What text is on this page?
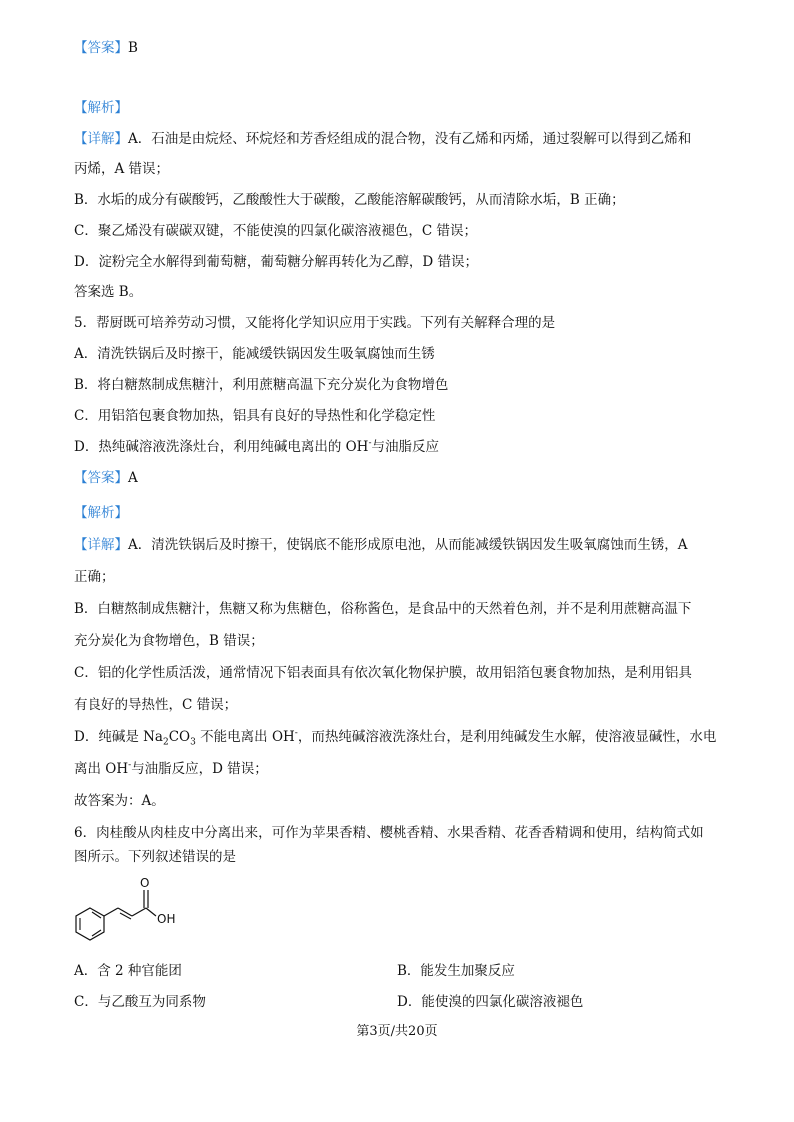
【答案】B
【解析】
【详解】A．石油是由烷烃、环烷烃和芳香烃组成的混合物，没有乙烯和丙烯，通过裂解可以得到乙烯和
丙烯，A 错误；
B．水垢的成分有碳酸钙，乙酸酸性大于碳酸，乙酸能溶解碳酸钙，从而清除水垢，B 正确；
C．聚乙烯没有碳碳双键，不能使溴的四氯化碳溶液褪色，C 错误；
D．淀粉完全水解得到葡萄糖，葡萄糖分解再转化为乙醇，D 错误；
答案选 B。
5．帮厨既可培养劳动习惯，又能将化学知识应用于实践。下列有关解释合理的是
A．清洗铁锅后及时擦干，能减缓铁锅因发生吸氧腐蚀而生锈
B．将白糖熬制成焦糖汁，利用蔗糖高温下充分炭化为食物增色
C．用铝箔包裹食物加热，铝具有良好的导热性和化学稳定性
D．热纯碱溶液洗涤灶台，利用纯碱电离出的 OH-与油脂反应
【答案】A
【解析】
【详解】A．清洗铁锅后及时擦干，使锅底不能形成原电池，从而能减缓铁锅因发生吸氧腐蚀而生锈，A
正确；
B．白糖熬制成焦糖汁，焦糖又称为焦糖色，俗称酱色，是食品中的天然着色剂，并不是利用蔗糖高温下
充分炭化为食物增色，B 错误；
C．铝的化学性质活泼，通常情况下铝表面具有依次氧化物保护膜，故用铝箔包裹食物加热，是利用铝具
有良好的导热性，C 错误；
D．纯碱是 $Na_2CO_3$ 不能电离出 OH-，而热纯碱溶液洗涤灶台，是利用纯碱发生水解，使溶液显碱性，水电
离出 OH-与油脂反应，D 错误；
故答案为：A。
6．肉桂酸从肉桂皮中分离出来，可作为苹果香精、樱桃香精、水果香精、花香香精调和使用，结构简式如
图所示。下列叙述错误的是
O
OH
A．含 2 种官能团	B．能发生加聚反应
C．与乙酸互为同系物	D．能使溴的四氯化碳溶液褪色
第3页/共20页
